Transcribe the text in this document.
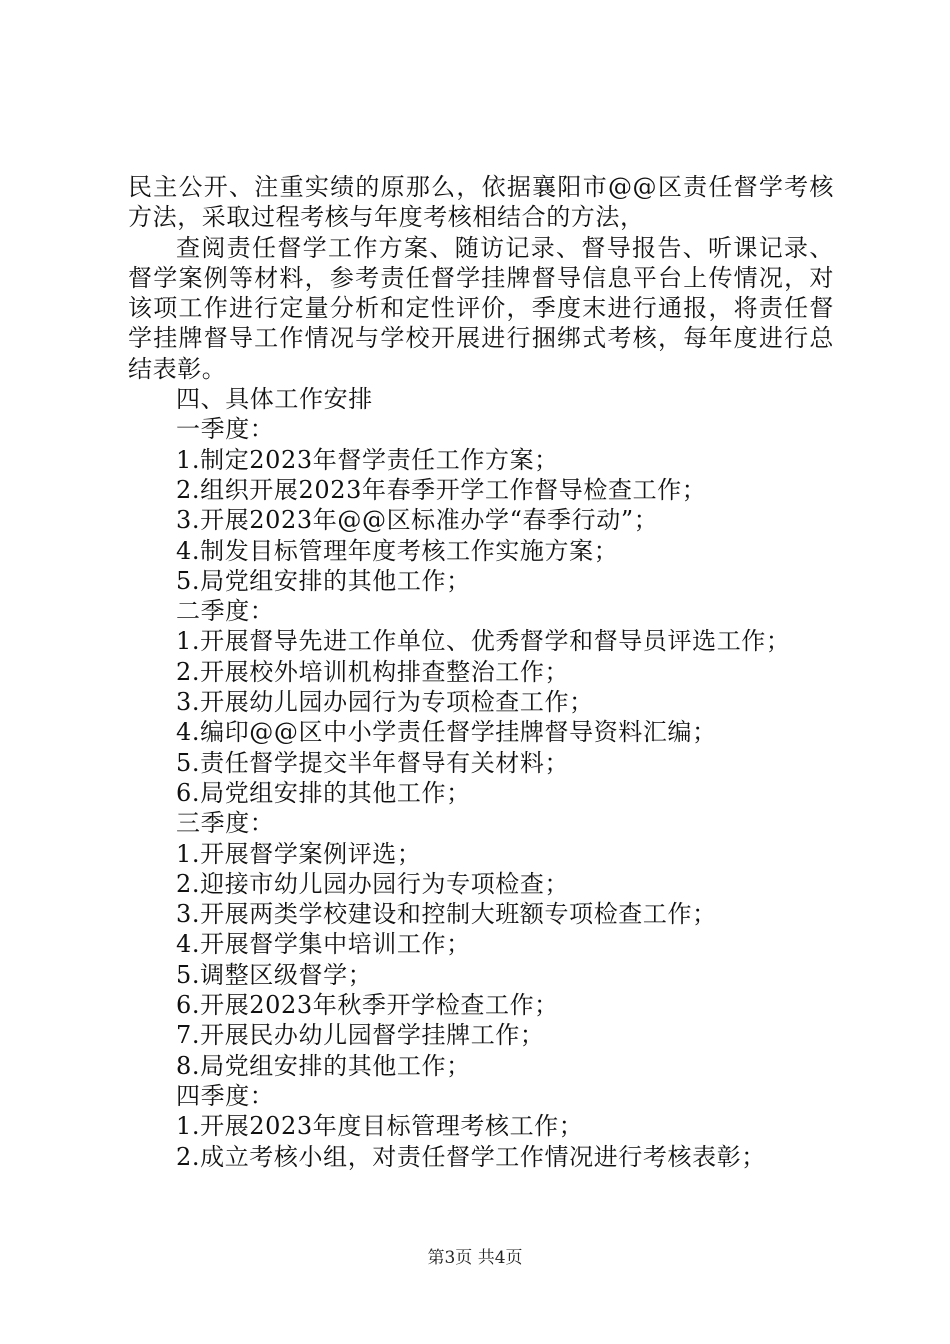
民主公开、注重实绩的原那么，依据襄阳市@@区责任督学考核方法，采取过程考核与年度考核相结合的方法，

查阅责任督学工作方案、随访记录、督导报告、听课记录、督学案例等材料，参考责任督学挂牌督导信息平台上传情况，对该项工作进行定量分析和定性评价，季度末进行通报，将责任督学挂牌督导工作情况与学校开展进行捆绑式考核，每年度进行总结表彰。

四、具体工作安排

一季度：

1.制定2023年督学责任工作方案；

2.组织开展2023年春季开学工作督导检查工作；

3.开展2023年@@区标准办学“春季行动”；

4.制发目标管理年度考核工作实施方案；

5.局党组安排的其他工作；

二季度：

1.开展督导先进工作单位、优秀督学和督导员评选工作；

2.开展校外培训机构排查整治工作；

3.开展幼儿园办园行为专项检查工作；

4.编印@@区中小学责任督学挂牌督导资料汇编；

5.责任督学提交半年督导有关材料；

6.局党组安排的其他工作；

三季度：

1.开展督学案例评选；

2.迎接市幼儿园办园行为专项检查；

3.开展两类学校建设和控制大班额专项检查工作；

4.开展督学集中培训工作；

5.调整区级督学；

6.开展2023年秋季开学检查工作；

7.开展民办幼儿园督学挂牌工作；

8.局党组安排的其他工作；

四季度：

1.开展2023年度目标管理考核工作；

2.成立考核小组，对责任督学工作情况进行考核表彰；

第3页 共4页
